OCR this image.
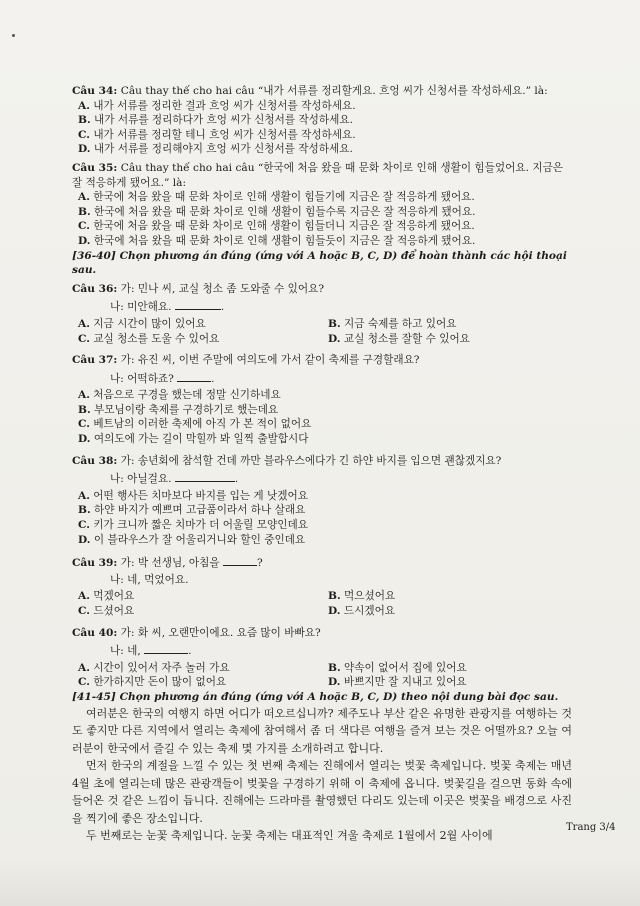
Câu 34: Câu thay thế cho hai câu “내가 서류를 정리할게요. 흐엉 씨가 신청서를 작성하세요.” là:

A. 내가 서류를 정리한 결과 흐엉 씨가 신청서를 작성하세요.

B. 내가 서류를 정리하다가 흐엉 씨가 신청서를 작성하세요.

C. 내가 서류를 정리할 테니 흐엉 씨가 신청서를 작성하세요.

D. 내가 서류를 정리해야지 흐엉 씨가 신청서를 작성하세요.

Câu 35: Câu thay thế cho hai câu “한국에 처음 왔을 때 문화 차이로 인해 생활이 힘들었어요. 지금은 잘 적응하게 됐어요.” là:

A. 한국에 처음 왔을 때 문화 차이로 인해 생활이 힘들기에 지금은 잘 적응하게 됐어요.

B. 한국에 처음 왔을 때 문화 차이로 인해 생활이 힘들수록 지금은 잘 적응하게 됐어요.

C. 한국에 처음 왔을 때 문화 차이로 인해 생활이 힘들더니 지금은 잘 적응하게 됐어요.

D. 한국에 처음 왔을 때 문화 차이로 인해 생활이 힘들듯이 지금은 잘 적응하게 됐어요.

[36-40] Chọn phương án đúng (ứng với A hoặc B, C, D) để hoàn thành các hội thoại sau.

Câu 36: 가: 민나 씨, 교실 청소 좀 도와줄 수 있어요?

나: 미안해요.	.

A. 지금 시간이 많이 있어요	B. 지금 숙제를 하고 있어요
C. 교실 청소를 도울 수 있어요	D. 교실 청소를 잘할 수 있어요

Câu 37: 가: 유진 씨, 이번 주말에 여의도에 가서 같이 축제를 구경할래요?

나: 어떡하죠?	.

A. 처음으로 구경을 했는데 정말 신기하네요

B. 부모님이랑 축제를 구경하기로 했는데요

C. 베트남의 이러한 축제에 아직 가 본 적이 없어요

D. 여의도에 가는 길이 막힐까 봐 일찍 출발합시다

Câu 38: 가: 송년회에 참석할 건데 까만 블라우스에다가 긴 하얀 바지를 입으면 괜찮겠지요?

나: 아닐걸요.	.

A. 어떤 행사든 치마보다 바지를 입는 게 낫겠어요

B. 하얀 바지가 예쁘며 고급품이라서 하나 살래요

C. 키가 크니까 짧은 치마가 더 어울릴 모양인데요

D. 이 블라우스가 잘 어울리거니와 할인 중인데요

Câu 39: 가: 박 선생님, 아침을	?

나: 네, 먹었어요.

A. 먹겠어요	B. 먹으셨어요
C. 드셨어요	D. 드시겠어요

Câu 40: 가: 화 씨, 오랜만이에요. 요즘 많이 바빠요?

나: 네,	.

A. 시간이 있어서 자주 놀러 가요	B. 약속이 없어서 집에 있어요
C. 한가하지만 돈이 많이 없어요	D. 바쁘지만 잘 지내고 있어요

[41-45] Chọn phương án đúng (ứng với A hoặc B, C, D) theo nội dung bài đọc sau.

여러분은 한국의 여행지 하면 어디가 떠오르십니까? 제주도나 부산 같은 유명한 관광지를 여행하는 것도 좋지만 다른 지역에서 열리는 축제에 참여해서 좀 더 색다른 여행을 즐겨 보는 것은 어떨까요? 오늘 여러분이 한국에서 즐길 수 있는 축제 몇 가지를 소개하려고 합니다.

먼저 한국의 계절을 느낄 수 있는 첫 번째 축제는 진해에서 열리는 벚꽃 축제입니다. 벚꽃 축제는 매년 4월 초에 열리는데 많은 관광객들이 벚꽃을 구경하기 위해 이 축제에 옵니다. 벚꽃길을 걸으면 동화 속에 들어온 것 같은 느낌이 듭니다. 진해에는 드라마를 촬영했던 다리도 있는데 이곳은 벚꽃을 배경으로 사진을 찍기에 좋은 장소입니다.

두 번째로는 눈꽃 축제입니다. 눈꽃 축제는 대표적인 겨울 축제로 1월에서 2월 사이에

Trang 3/4
